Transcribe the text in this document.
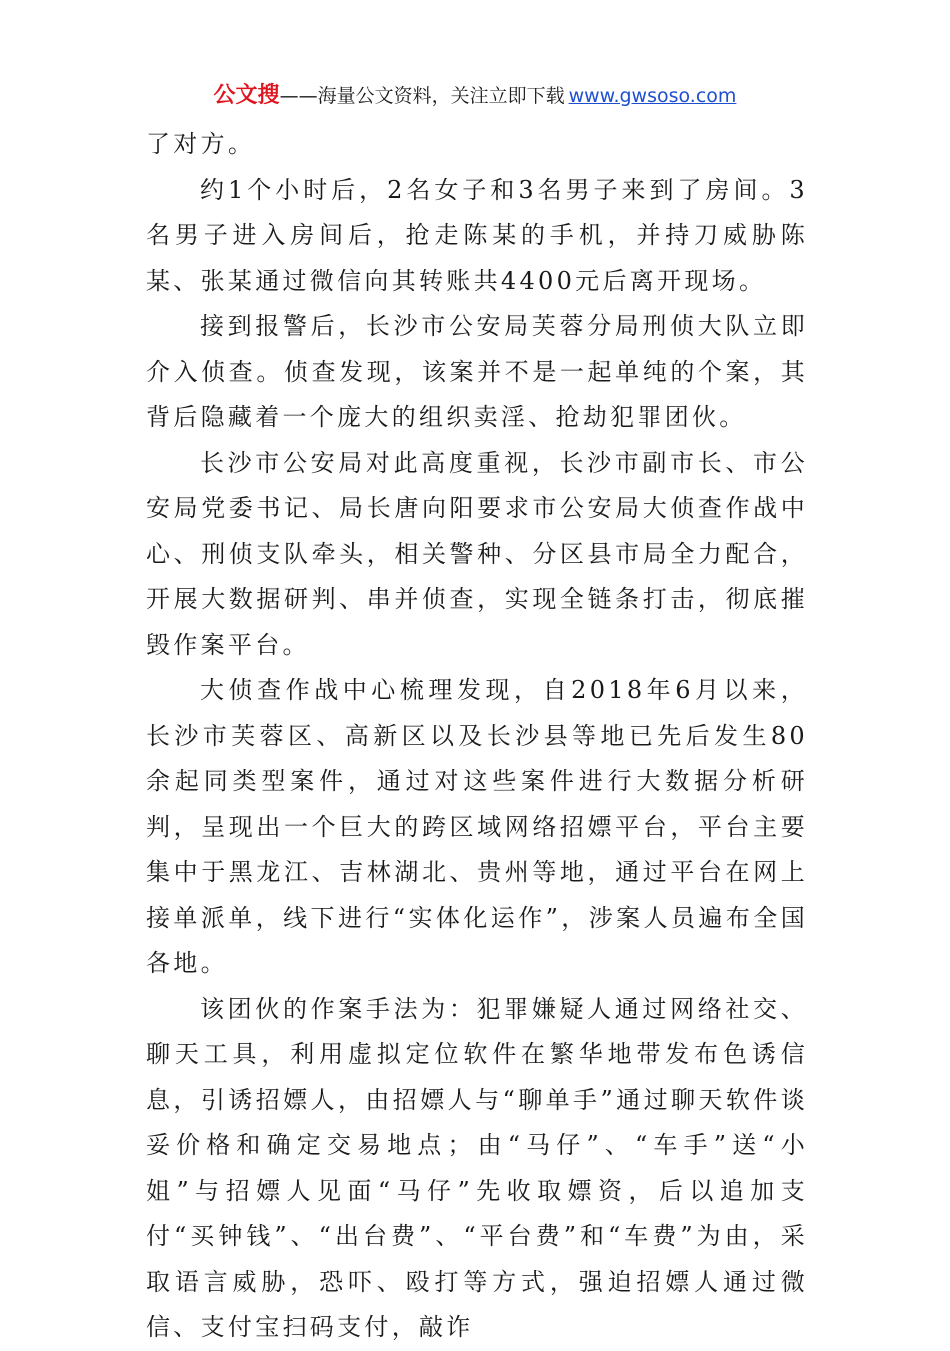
公文搜——海量公文资料，关注立即下载 www.gwsoso.com

了对方。

约1个小时后，2名女子和3名男子来到了房间。3名男子进入房间后，抢走陈某的手机，并持刀威胁陈某、张某通过微信向其转账共4400元后离开现场。

接到报警后，长沙市公安局芙蓉分局刑侦大队立即介入侦查。侦查发现，该案并不是一起单纯的个案，其背后隐藏着一个庞大的组织卖淫、抢劫犯罪团伙。

长沙市公安局对此高度重视，长沙市副市长、市公安局党委书记、局长唐向阳要求市公安局大侦查作战中心、刑侦支队牵头，相关警种、分区县市局全力配合，开展大数据研判、串并侦查，实现全链条打击，彻底摧毁作案平台。

大侦查作战中心梳理发现，自2018年6月以来，长沙市芙蓉区、高新区以及长沙县等地已先后发生80余起同类型案件，通过对这些案件进行大数据分析研判，呈现出一个巨大的跨区域网络招嫖平台，平台主要集中于黑龙江、吉林湖北、贵州等地，通过平台在网上接单派单，线下进行“实体化运作”，涉案人员遍布全国各地。

该团伙的作案手法为：犯罪嫌疑人通过网络社交、聊天工具，利用虚拟定位软件在繁华地带发布色诱信息，引诱招嫖人，由招嫖人与“聊单手”通过聊天软件谈妥价格和确定交易地点；由“马仔”、“车手”送“小姐”与招嫖人见面“马仔”先收取嫖资，后以追加支付“买钟钱”、“出台费”、“平台费”和“车费”为由，采取语言威胁，恐吓、殴打等方式，强迫招嫖人通过微信、支付宝扫码支付，敲诈
